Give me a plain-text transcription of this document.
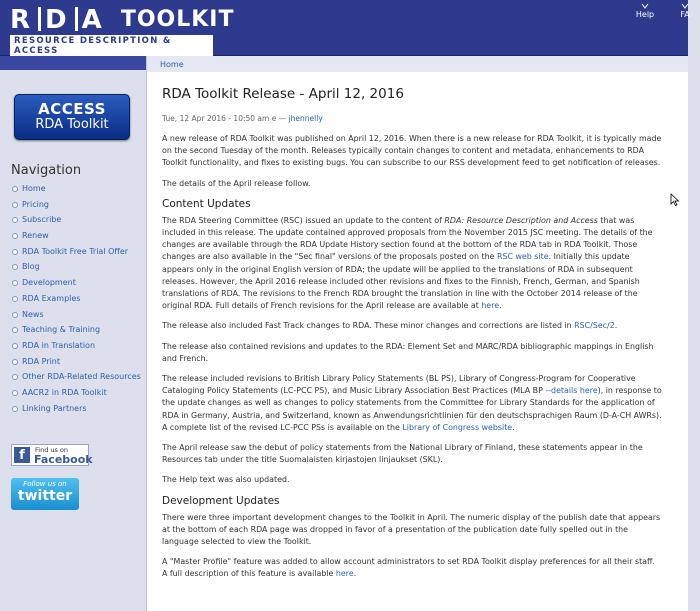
R D A TOOLKIT
RESOURCE DESCRIPTION & ACCESS
Help	FA
Home
ACCESS
RDA Toolkit
Navigation
Home
Pricing
Subscribe
Renew
RDA Toolkit Free Trial Offer
Blog
Development
RDA Examples
News
Teaching & Training
RDA in Translation
RDA Print
Other RDA-Related Resources
AACR2 in RDA Toolkit
Linking Partners
f	Find us on
Facebook
Follow us on
twitter
RDA Toolkit Release - April 12, 2016
Tue, 12 Apr 2016 - 10:50 am e — jhennelly

A new release of RDA Toolkit was published on April 12, 2016. When there is a new release for RDA Toolkit, it is typically made on the second Tuesday of the month. Releases typically contain changes to content and metadata, enhancements to RDA Toolkit functionality, and fixes to existing bugs. You can subscribe to our RSS development feed to get notification of releases.

The details of the April release follow.

Content Updates

The RDA Steering Committee (RSC) issued an update to the content of RDA: Resource Description and Access that was included in this release. The update contained approved proposals from the November 2015 JSC meeting. The details of the changes are available through the RDA Update History section found at the bottom of the RDA tab in RDA Toolkit. Those changes are also available in the "Sec final" versions of the proposals posted on the RSC web site. Initially this update appears only in the original English version of RDA; the update will be applied to the translations of RDA in subsequent releases. However, the April 2016 release included other revisions and fixes to the Finnish, French, German, and Spanish translations of RDA. The revisions to the French RDA brought the translation in line with the October 2014 release of the original RDA. Full details of French revisions for the April release are available at here.

The release also included Fast Track changes to RDA. These minor changes and corrections are listed in RSC/Sec/2.

The release also contained revisions and updates to the RDA: Element Set and MARC/RDA bibliographic mappings in English and French.

The release included revisions to British Library Policy Statements (BL PS), Library of Congress-Program for Cooperative Cataloging Policy Statements (LC-PCC PS), and Music Library Association Best Practices (MLA BP --details here), in response to the update changes as well as changes to policy statements from the Committee for Library Standards for the application of RDA in Germany, Austria, and Switzerland, known as Anwendungsrichtlinien für den deutschsprachigen Raum (D-A-CH AWRs). A complete list of the revised LC-PCC PSs is available on the Library of Congress website.

The April release saw the debut of policy statements from the National Library of Finland, these statements appear in the Resources tab under the title Suomalaisten kirjastojen linjaukset (SKL).

The Help text was also updated.

Development Updates

There were three important development changes to the Toolkit in April. The numeric display of the publish date that appears at the bottom of each RDA page was dropped in favor of a presentation of the publication date fully spelled out in the language selected to view the Toolkit.

A "Master Profile" feature was added to allow account administrators to set RDA Toolkit display preferences for all their staff. A full description of this feature is available here.
